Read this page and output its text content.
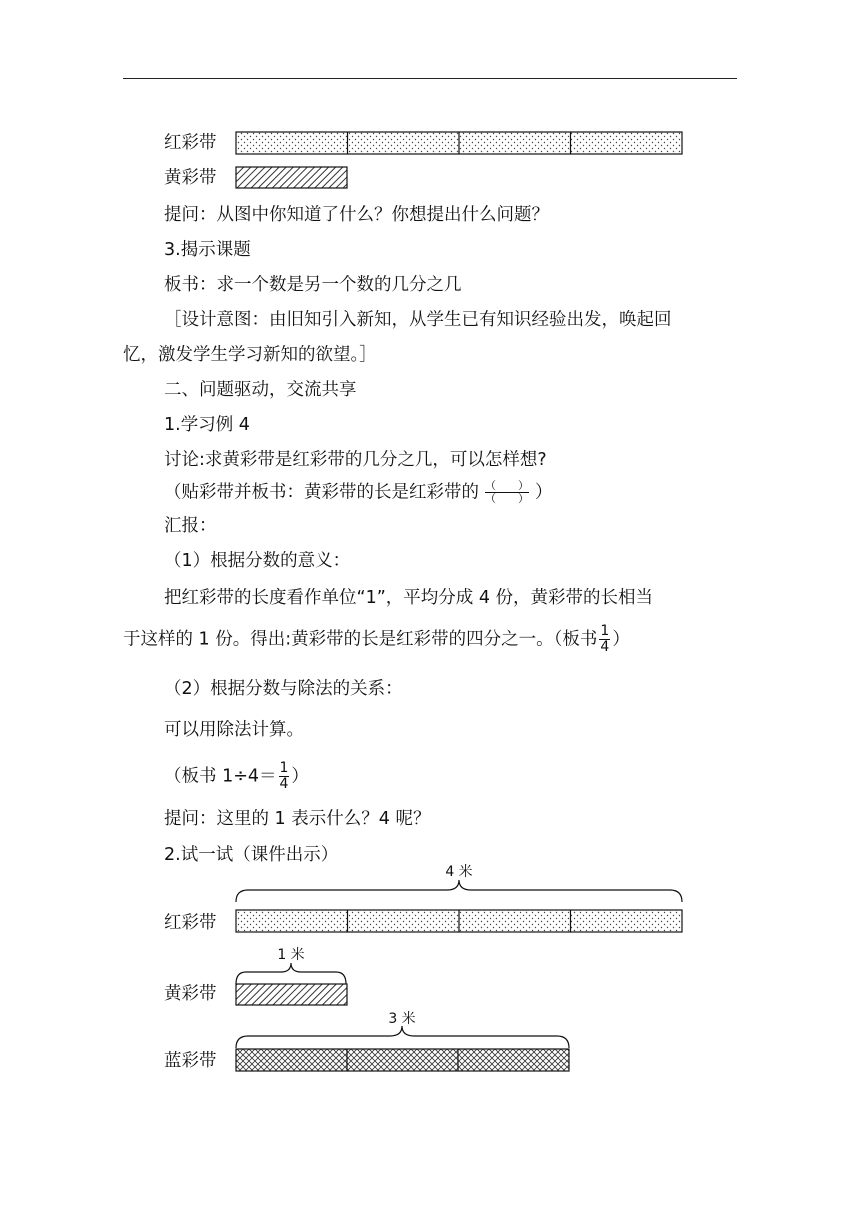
红彩带
黄彩带
提问：从图中你知道了什么？你想提出什么问题？
3.揭示课题
板书：求一个数是另一个数的几分之几
［设计意图：由旧知引入新知，从学生已有知识经验出发，唤起回
忆，激发学生学习新知的欲望。］
二、问题驱动，交流共享
1.学习例 4
讨论:求黄彩带是红彩带的几分之几，可以怎样想?
（贴彩带并板书：黄彩带的长是红彩带的 $\frac{( )}{( )}$ ）
汇报：
（1）根据分数的意义：
把红彩带的长度看作单位“1”，平均分成 4 份，黄彩带的长相当
于这样的 1 份。得出:黄彩带的长是红彩带的四分之一。（板书 $\frac{1}{4}$ ）
（2）根据分数与除法的关系：
可以用除法计算。
（板书 $1\div 4= \frac{1}{4}$ ）
提问：这里的 1 表示什么？4 呢？
2.试一试（课件出示）
红彩带
黄彩带
蓝彩带
4 米
1 米
3 米
